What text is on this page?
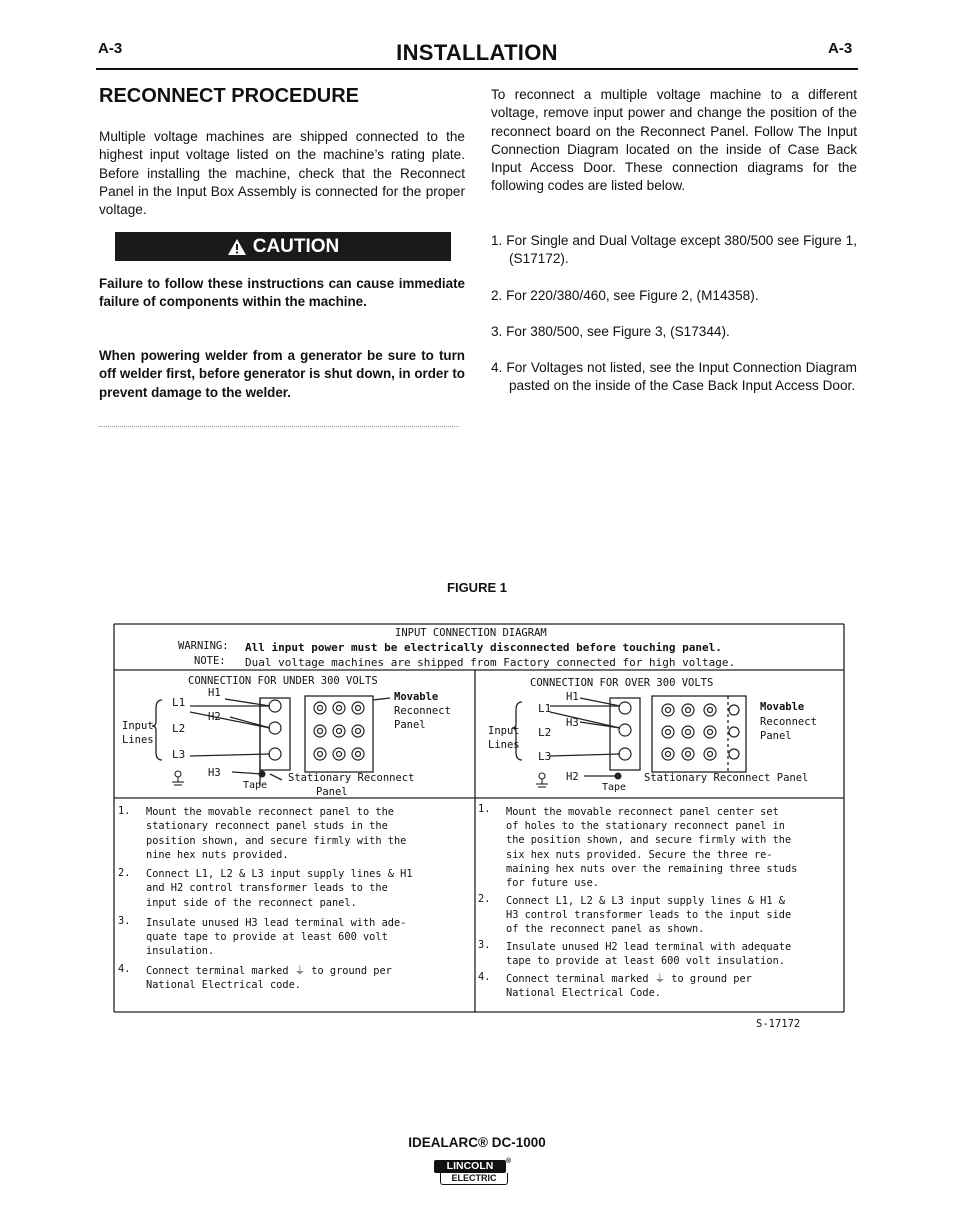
A-3	INSTALLATION	A-3
RECONNECT PROCEDURE

Multiple voltage machines are shipped connected to the highest input voltage listed on the machine’s rating plate. Before installing the machine, check that the Reconnect Panel in the Input Box Assembly is connected for the proper voltage.

CAUTION

Failure to follow these instructions can cause immediate failure of components within the machine.

When powering welder from a generator be sure to turn off welder first, before generator is shut down, in order to prevent damage to the welder.

To reconnect a multiple voltage machine to a different voltage, remove input power and change the position of the reconnect board on the Reconnect Panel. Follow The Input Connection Diagram located on the inside of Case Back Input Access Door. These connection diagrams for the following codes are listed below.

1. For Single and Dual Voltage except 380/500 see Figure 1, (S17172).

2. For 220/380/460, see Figure 2, (M14358).

3. For 380/500, see Figure 3, (S17344).

4. For Voltages not listed, see the Input Connection Diagram pasted on the inside of the Case Back Input Access Door.

FIGURE 1
INPUT CONNECTION DIAGRAM
WARNING: All input power must be electrically disconnected before touching panel.
NOTE: Dual voltage machines are shipped from Factory connected for high voltage.
CONNECTION FOR UNDER 300 VOLTS
L1
L2
L3
Input
Lines
H1
H2
H3
Movable
Reconnect
Panel
Tape
Stationary Reconnect
Panel
CONNECTION FOR OVER 300 VOLTS
L1
L2
L3
Input
Lines
H1
H3
H2
Movable
Reconnect
Panel
Tape
Stationary Reconnect Panel
1. Mount the movable reconnect panel to the
stationary reconnect panel studs in the
position shown, and secure firmly with the
nine hex nuts provided.
2. Connect L1, L2 & L3 input supply lines & H1
and H2 control transformer leads to the
input side of the reconnect panel.
3. Insulate unused H3 lead terminal with ade-
quate tape to provide at least 600 volt
insulation.
4. Connect terminal marked ⏚ to ground per
National Electrical code.
1. Mount the movable reconnect panel center set
of holes to the stationary reconnect panel in
the position shown, and secure firmly with the
six hex nuts provided. Secure the three re-
maining hex nuts over the remaining three studs
for future use.
2. Connect L1, L2 & L3 input supply lines & H1 &
H3 control transformer leads to the input side
of the reconnect panel as shown.
3. Insulate unused H2 lead terminal with adequate
tape to provide at least 600 volt insulation.
4. Connect terminal marked ⏚ to ground per
National Electrical Code.
S-17172
IDEALARC® DC-1000
LINCOLN
ELECTRIC
®
